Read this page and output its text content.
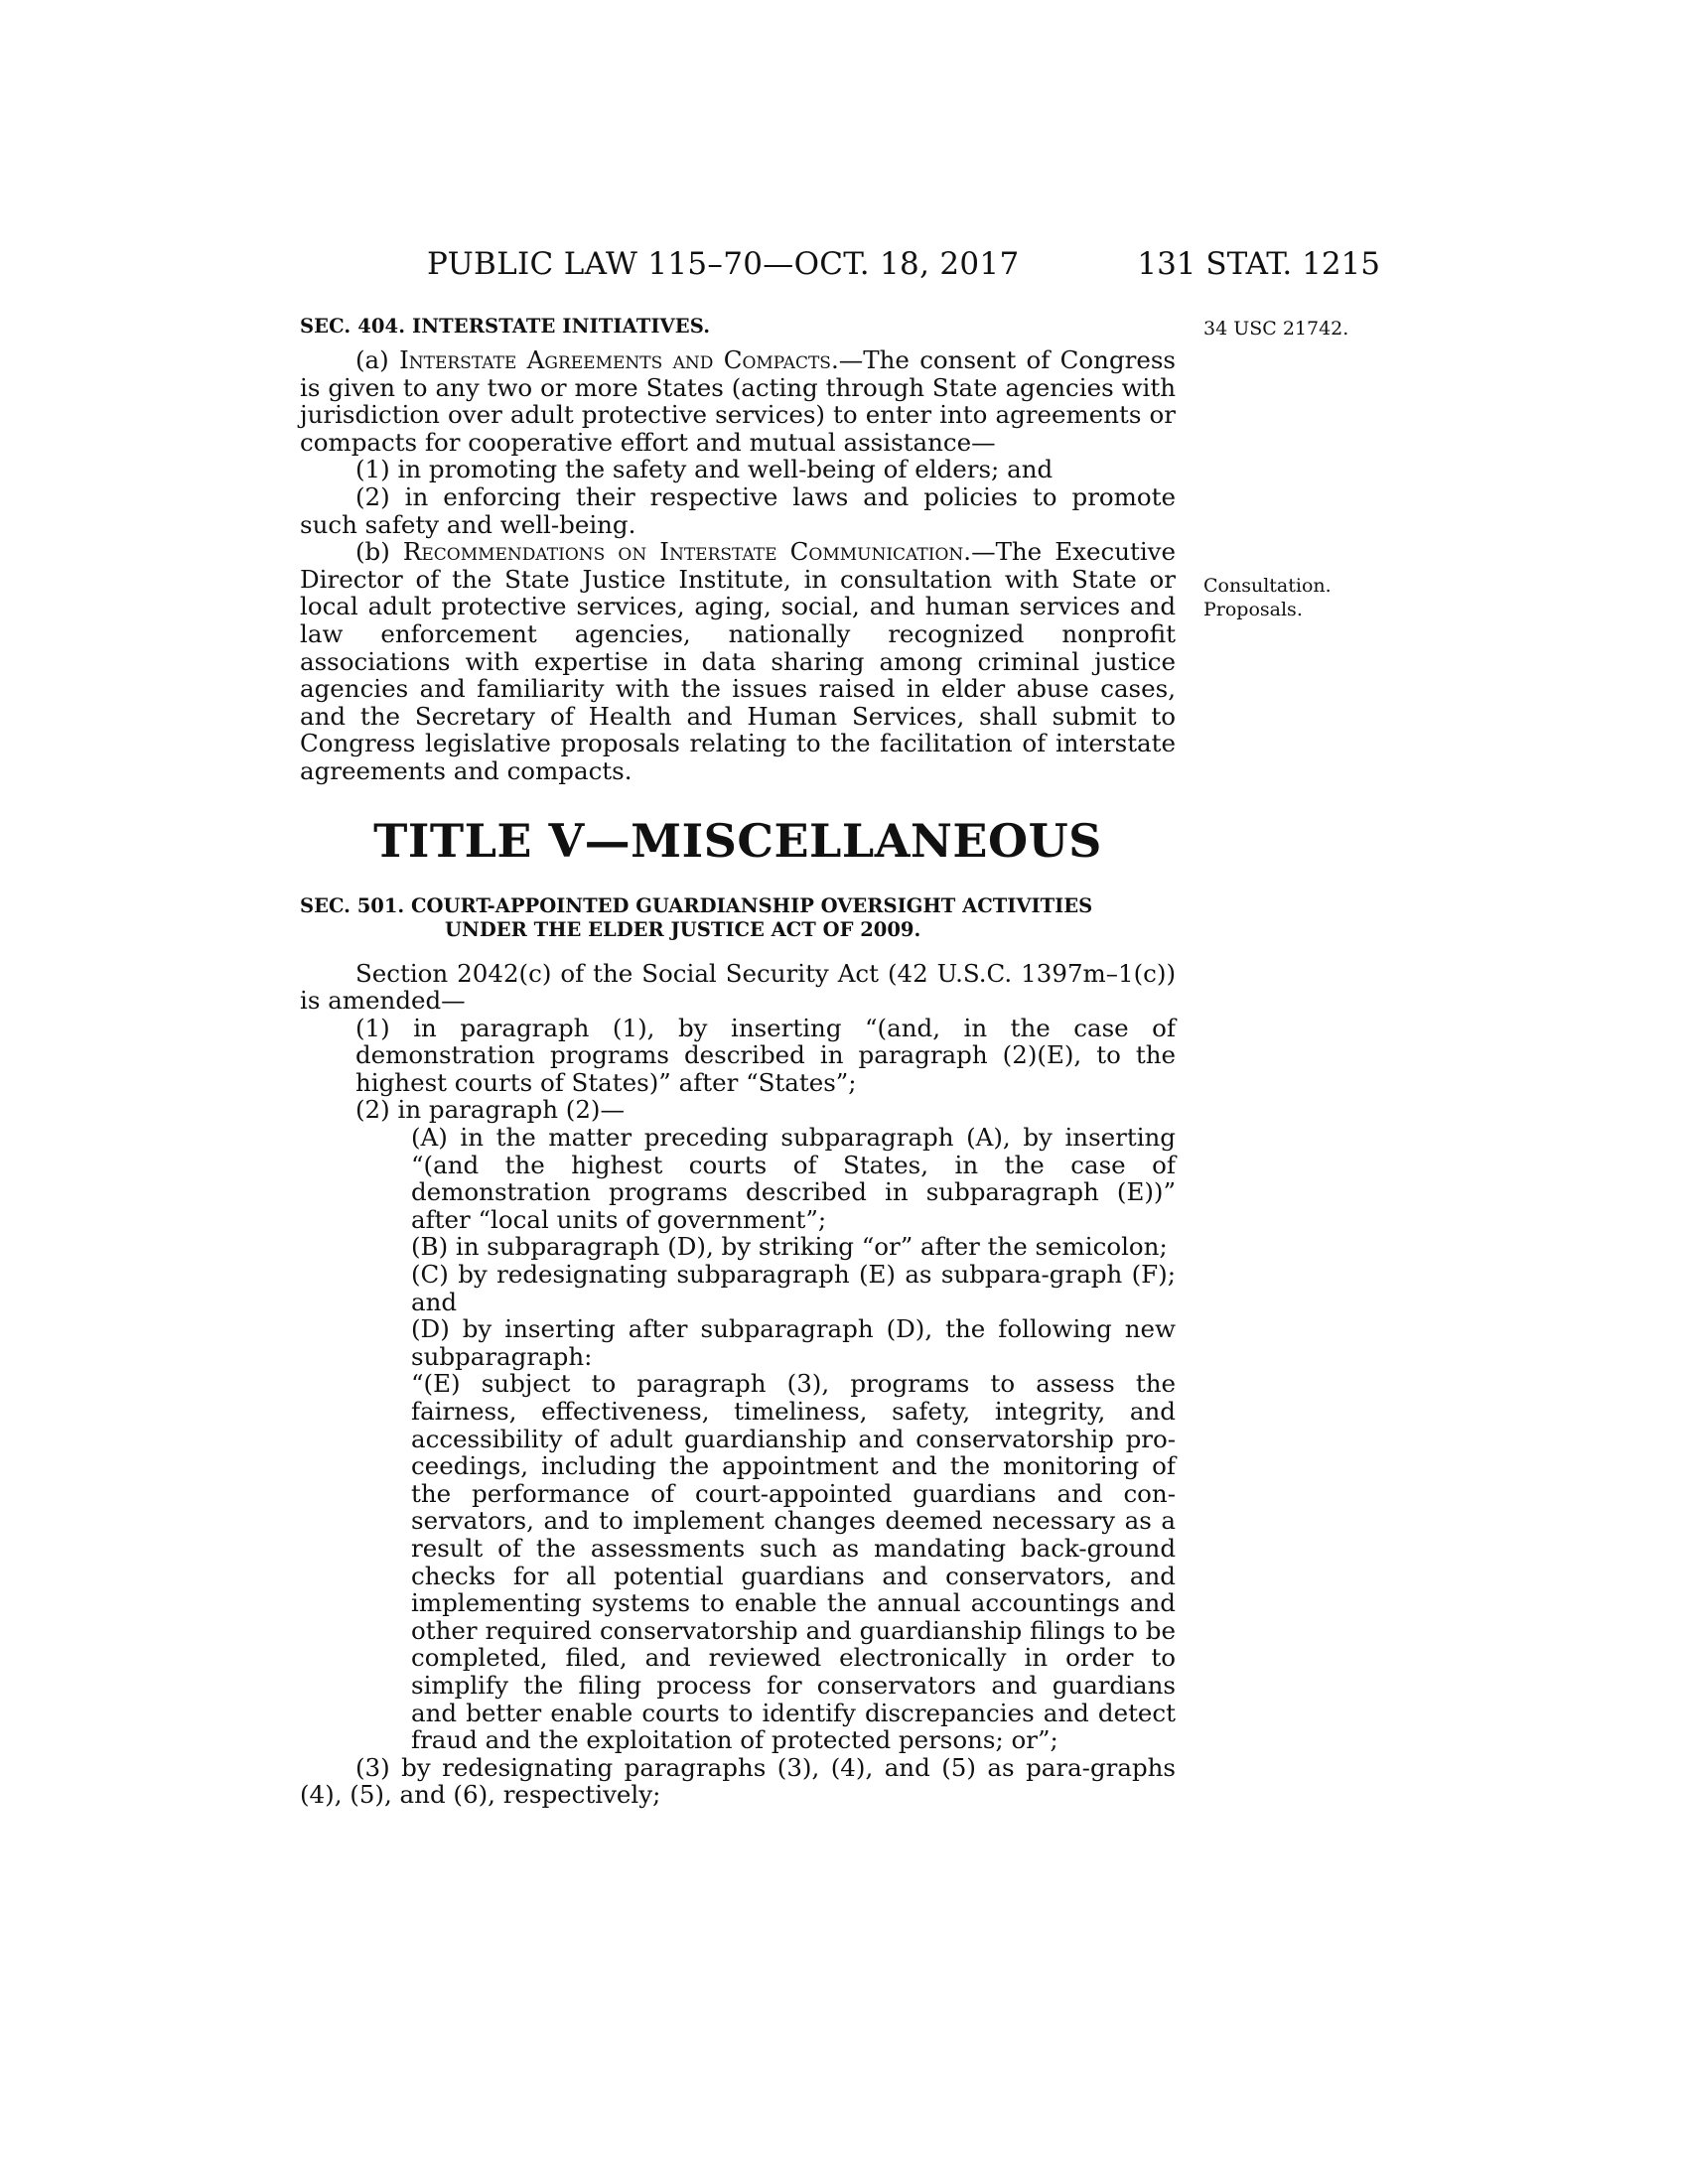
PUBLIC LAW 115–70—OCT. 18, 2017	131 STAT. 1215
34 USC 21742.
Consultation.
Proposals.
SEC. 404. INTERSTATE INITIATIVES.

(a) Interstate Agreements and Compacts.—The consent of Congress is given to any two or more States (acting through State agencies with jurisdiction over adult protective services) to enter into agreements or compacts for cooperative effort and mutual assistance—

(1) in promoting the safety and well-being of elders; and

(2) in enforcing their respective laws and policies to promote such safety and well-being.

(b) Recommendations on Interstate Communication.—The Executive Director of the State Justice Institute, in consultation with State or local adult protective services, aging, social, and human services and law enforcement agencies, nationally recognized nonprofit associations with expertise in data sharing among criminal justice agencies and familiarity with the issues raised in elder abuse cases, and the Secretary of Health and Human Services, shall submit to Congress legislative proposals relating to the facilitation of interstate agreements and compacts.

TITLE V—MISCELLANEOUS
SEC. 501. COURT-APPOINTED GUARDIANSHIP OVERSIGHT ACTIVITIES
UNDER THE ELDER JUSTICE ACT OF 2009.

Section 2042(c) of the Social Security Act (42 U.S.C. 1397m–1(c)) is amended—

(1) in paragraph (1), by inserting “(and, in the case of demonstration programs described in paragraph (2)(E), to the highest courts of States)” after “States”;

(2) in paragraph (2)—

(A) in the matter preceding subparagraph (A), by inserting “(and the highest courts of States, in the case of demonstration programs described in subparagraph (E))” after “local units of government”;

(B) in subparagraph (D), by striking “or” after the semicolon;

(C) by redesignating subparagraph (E) as subpara-graph (F); and

(D) by inserting after subparagraph (D), the following new subparagraph:

“(E) subject to paragraph (3), programs to assess the fairness, effectiveness, timeliness, safety, integrity, and accessibility of adult guardianship and conservatorship pro-ceedings, including the appointment and the monitoring of the performance of court-appointed guardians and con-servators, and to implement changes deemed necessary as a result of the assessments such as mandating back-ground checks for all potential guardians and conservators, and implementing systems to enable the annual accountings and other required conservatorship and guardianship filings to be completed, filed, and reviewed electronically in order to simplify the filing process for conservators and guardians and better enable courts to identify discrepancies and detect fraud and the exploitation of protected persons; or”;

(3) by redesignating paragraphs (3), (4), and (5) as para-graphs (4), (5), and (6), respectively;
